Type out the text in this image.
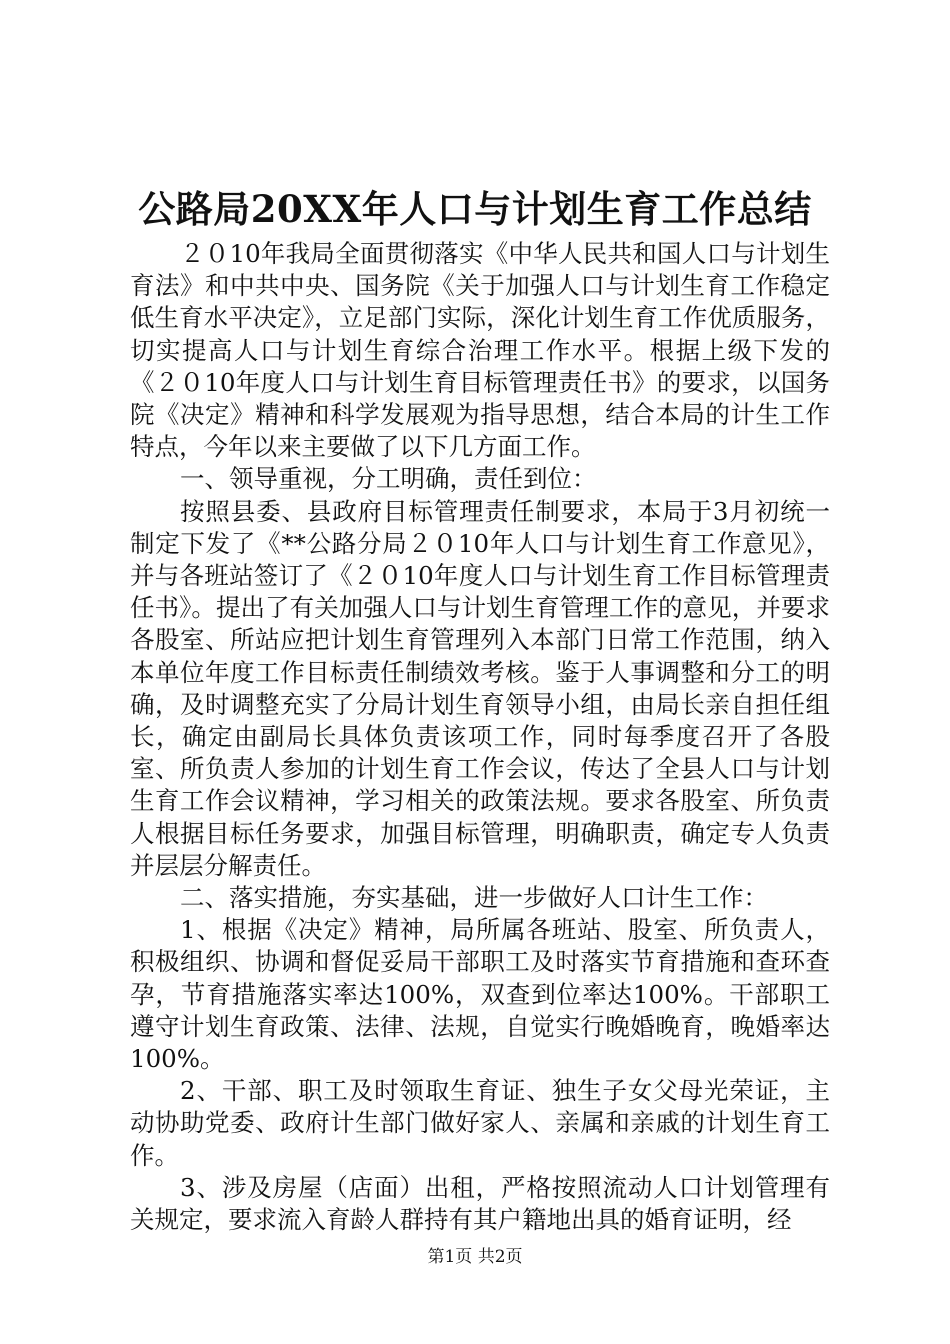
公路局20XX年人口与计划生育工作总结

２０10年我局全面贯彻落实《中华人民共和国人口与计划生育法》和中共中央、国务院《关于加强人口与计划生育工作稳定低生育水平决定》，立足部门实际，深化计划生育工作优质服务，切实提高人口与计划生育综合治理工作水平。根据上级下发的《２０10年度人口与计划生育目标管理责任书》的要求，以国务院《决定》精神和科学发展观为指导思想，结合本局的计生工作特点，今年以来主要做了以下几方面工作。

一、领导重视，分工明确，责任到位：

按照县委、县政府目标管理责任制要求，本局于3月初统一制定下发了《**公路分局２０10年人口与计划生育工作意见》，并与各班站签订了《２０10年度人口与计划生育工作目标管理责任书》。提出了有关加强人口与计划生育管理工作的意见，并要求各股室、所站应把计划生育管理列入本部门日常工作范围，纳入本单位年度工作目标责任制绩效考核。鉴于人事调整和分工的明确，及时调整充实了分局计划生育领导小组，由局长亲自担任组长，确定由副局长具体负责该项工作，同时每季度召开了各股室、所负责人参加的计划生育工作会议，传达了全县人口与计划生育工作会议精神，学习相关的政策法规。要求各股室、所负责人根据目标任务要求，加强目标管理，明确职责，确定专人负责并层层分解责任。

二、落实措施，夯实基础，进一步做好人口计生工作：

1、根据《决定》精神，局所属各班站、股室、所负责人，积极组织、协调和督促妥局干部职工及时落实节育措施和查环查孕，节育措施落实率达100%，双查到位率达100%。干部职工遵守计划生育政策、法律、法规，自觉实行晚婚晚育，晚婚率达100%。

2、干部、职工及时领取生育证、独生子女父母光荣证，主动协助党委、政府计生部门做好家人、亲属和亲戚的计划生育工作。

3、涉及房屋（店面）出租，严格按照流动人口计划管理有关规定，要求流入育龄人群持有其户籍地出具的婚育证明，经

第1页 共2页
